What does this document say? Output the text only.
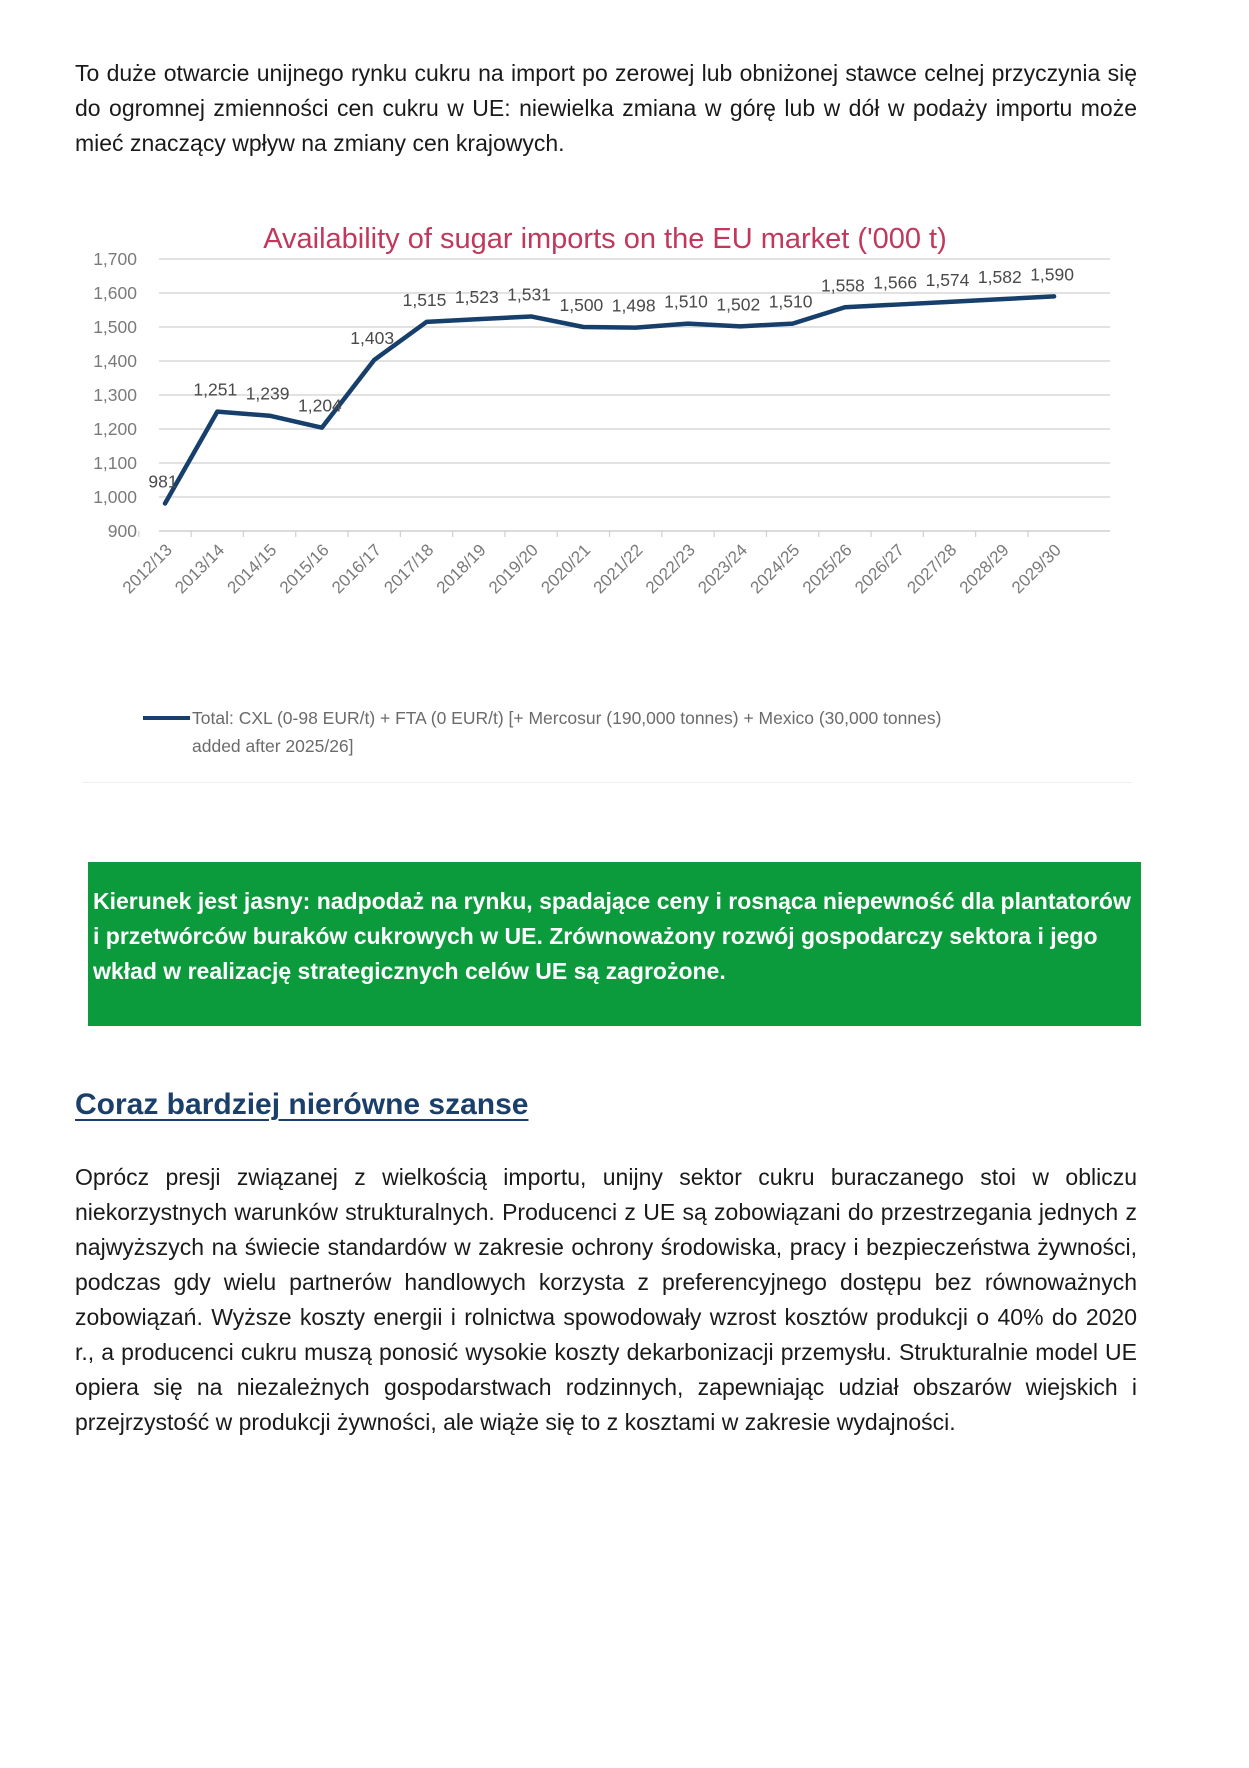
To duże otwarcie unijnego rynku cukru na import po zerowej lub obniżonej stawce celnej przyczynia się do ogromnej zmienności cen cukru w UE: niewielka zmiana w górę lub w dół w podaży importu może mieć znaczący wpływ na zmiany cen krajowych.

Availability of sugar imports on the EU market ('000 t)
900
1,000
1,100
1,200
1,300
1,400
1,500
1,600
1,700
2012/13
2013/14
2014/15
2015/16
2016/17
2017/18
2018/19
2019/20
2020/21
2021/22
2022/23
2023/24
2024/25
2025/26
2026/27
2027/28
2028/29
2029/30
981
1,251 1,239
1,204
1,403
1,515 1,523 1,531
1,500 1,498 1,510 1,502 1,510
1,558 1,566 1,574 1,582 1,590
Total: CXL (0-98 EUR/t) + FTA (0 EUR/t) [+ Mercosur (190,000 tonnes) + Mexico (30,000 tonnes) added after 2025/26]

Kierunek jest jasny: nadpodaż na rynku, spadające ceny i rosnąca niepewność dla plantatorów i przetwórców buraków cukrowych w UE. Zrównoważony rozwój gospodarczy sektora i jego wkład w realizację strategicznych celów UE są zagrożone.

Coraz bardziej nierówne szanse

Oprócz presji związanej z wielkością importu, unijny sektor cukru buraczanego stoi w obliczu niekorzystnych warunków strukturalnych. Producenci z UE są zobowiązani do przestrzegania jednych z najwyższych na świecie standardów w zakresie ochrony środowiska, pracy i bezpieczeństwa żywności, podczas gdy wielu partnerów handlowych korzysta z preferencyjnego dostępu bez równoważnych zobowiązań. Wyższe koszty energii i rolnictwa spowodowały wzrost kosztów produkcji o 40% do 2020 r., a producenci cukru muszą ponosić wysokie koszty dekarbonizacji przemysłu. Strukturalnie model UE opiera się na niezależnych gospodarstwach rodzinnych, zapewniając udział obszarów wiejskich i przejrzystość w produkcji żywności, ale wiąże się to z kosztami w zakresie wydajności.
